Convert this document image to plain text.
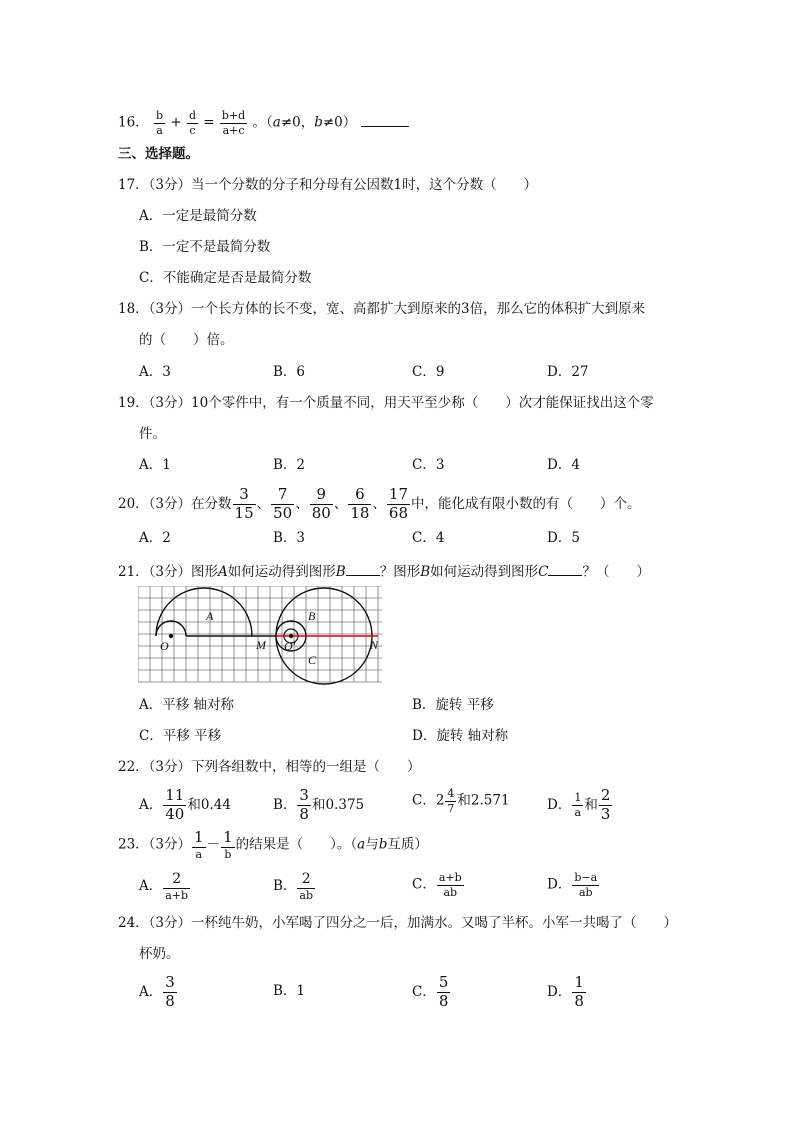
16． $\frac{b}{a} + \frac{d}{c} = \frac{b+d}{a+c}$ 。（a≠0，b≠0）
三、选择题。
17．（3分）当一个分数的分子和分母有公因数1时，这个分数（　　）
A．一定是最简分数
B．一定不是最简分数
C．不能确定是否是最简分数
18．（3分）一个长方体的长不变，宽、高都扩大到原来的3倍，那么它的体积扩大到原来
的（　　）倍。
A．3	B．6	C．9	D．27
19．（3分）10个零件中，有一个质量不同，用天平至少称（　　）次才能保证找出这个零
件。
A．1	B．2	C．3	D．4
20．（3分）在分数 $\frac{3}{15}$ 、 $\frac{7}{50}$ 、 $\frac{9}{80}$ 、 $\frac{6}{18}$ 、 $\frac{17}{68}$ 中，能化成有限小数的有（　　）个。
A．2	B．3	C．4	D．5
21．（3分）图形A如何运动得到图形B	？图形B如何运动得到图形C	？（　　）
A	B
C
O	M O′	N
A．平移 轴对称	B．旋转 平移
C．平移 平移	D．旋转 轴对称
22．（3分）下列各组数中，相等的一组是（　　）
A． $\frac{11}{40}$ 和0.44	B． $\frac{3}{8}$ 和0.375	C．$2 \frac{4}{7}$ 和2.571	D． $\frac{1}{a}$ 和 $\frac{2}{3}$
23．（3分） $\frac{1}{a} - \frac{1}{b}$ 的结果是（　　）。（a与b互质）
A． $\frac{2}{a+b}$	B． $\frac{2}{ab}$	C． $\frac{a+b}{ab}$	D． $\frac{b-a}{ab}$
24．（3分）一杯纯牛奶，小军喝了四分之一后，加满水。又喝了半杯。小军一共喝了（　　）
杯奶。
A． $\frac{3}{8}$	B．1	C． $\frac{5}{8}$	D． $\frac{1}{8}$
